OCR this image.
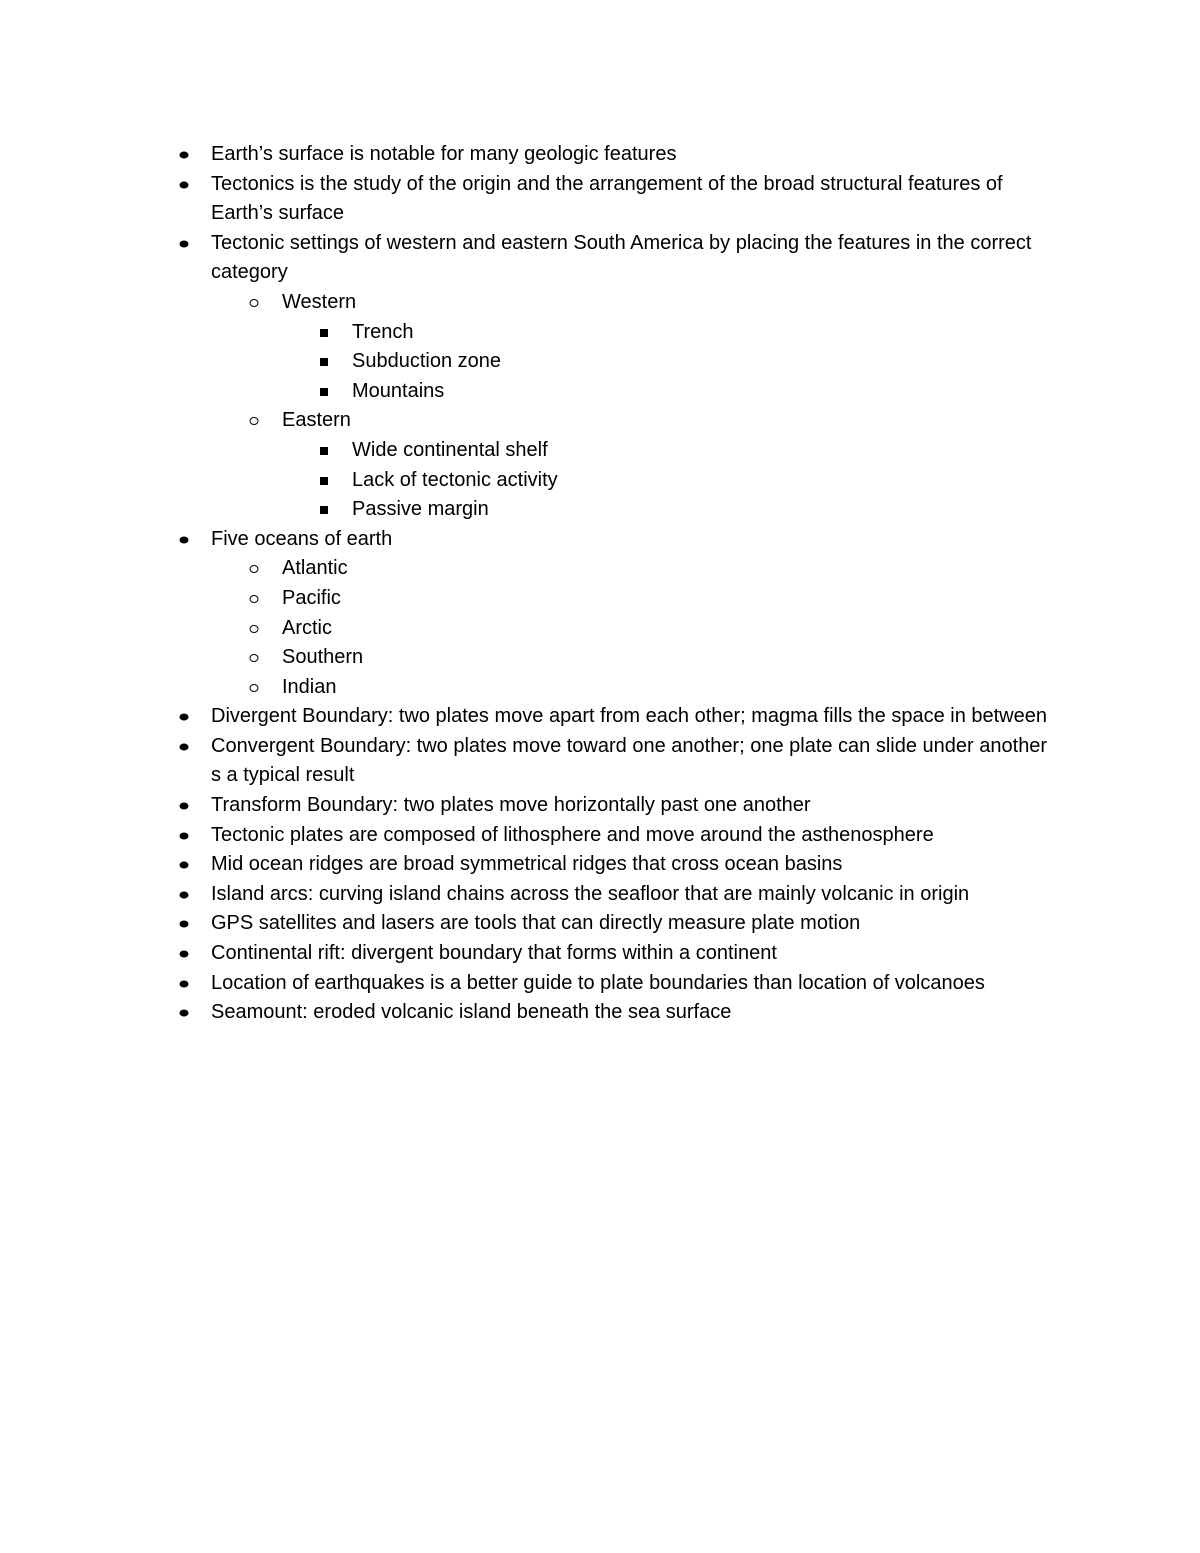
Earth’s surface is notable for many geologic features
Tectonics is the study of the origin and the arrangement of the broad structural features of Earth’s surface
Tectonic settings of western and eastern South America by placing the features in the correct category
Western
Trench
Subduction zone
Mountains
Eastern
Wide continental shelf
Lack of tectonic activity
Passive margin
Five oceans of earth
Atlantic
Pacific
Arctic
Southern
Indian
Divergent Boundary: two plates move apart from each other; magma fills the space in between
Convergent Boundary: two plates move toward one another; one plate can slide under another s a typical result
Transform Boundary: two plates move horizontally past one another
Tectonic plates are composed of lithosphere and move around the asthenosphere
Mid ocean ridges are broad symmetrical ridges that cross ocean basins
Island arcs: curving island chains across the seafloor that are mainly volcanic in origin
GPS satellites and lasers are tools that can directly measure plate motion
Continental rift: divergent boundary that forms within a continent
Location of earthquakes is a better guide to plate boundaries than location of volcanoes
Seamount: eroded volcanic island beneath the sea surface
